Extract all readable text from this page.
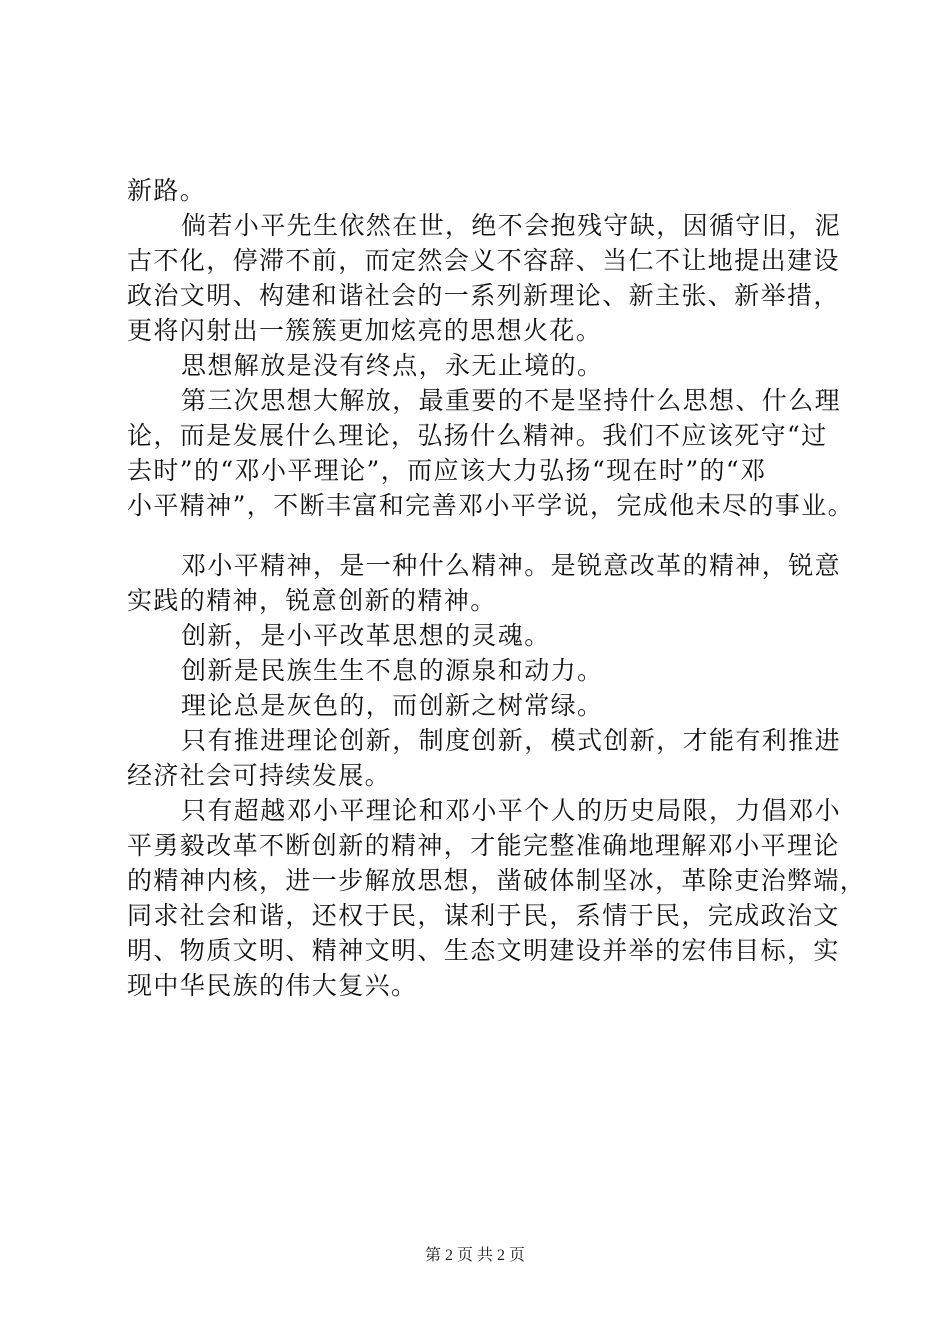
新路。
倘若小平先生依然在世，绝不会抱残守缺，因循守旧，泥
古不化，停滞不前，而定然会义不容辞、当仁不让地提出建设
政治文明、构建和谐社会的一系列新理论、新主张、新举措，
更将闪射出一簇簇更加炫亮的思想火花。
思想解放是没有终点，永无止境的。
第三次思想大解放，最重要的不是坚持什么思想、什么理
论，而是发展什么理论，弘扬什么精神。我们不应该死守“过
去时”的“邓小平理论”，而应该大力弘扬“现在时”的“邓
小平精神”，不断丰富和完善邓小平学说，完成他未尽的事业。
邓小平精神，是一种什么精神。是锐意改革的精神，锐意
实践的精神，锐意创新的精神。
创新，是小平改革思想的灵魂。
创新是民族生生不息的源泉和动力。
理论总是灰色的，而创新之树常绿。
只有推进理论创新，制度创新，模式创新，才能有利推进
经济社会可持续发展。
只有超越邓小平理论和邓小平个人的历史局限，力倡邓小
平勇毅改革不断创新的精神，才能完整准确地理解邓小平理论
的精神内核，进一步解放思想，凿破体制坚冰，革除吏治弊端，
同求社会和谐，还权于民，谋利于民，系情于民，完成政治文
明、物质文明、精神文明、生态文明建设并举的宏伟目标，实
现中华民族的伟大复兴。
第 2 页 共 2 页
